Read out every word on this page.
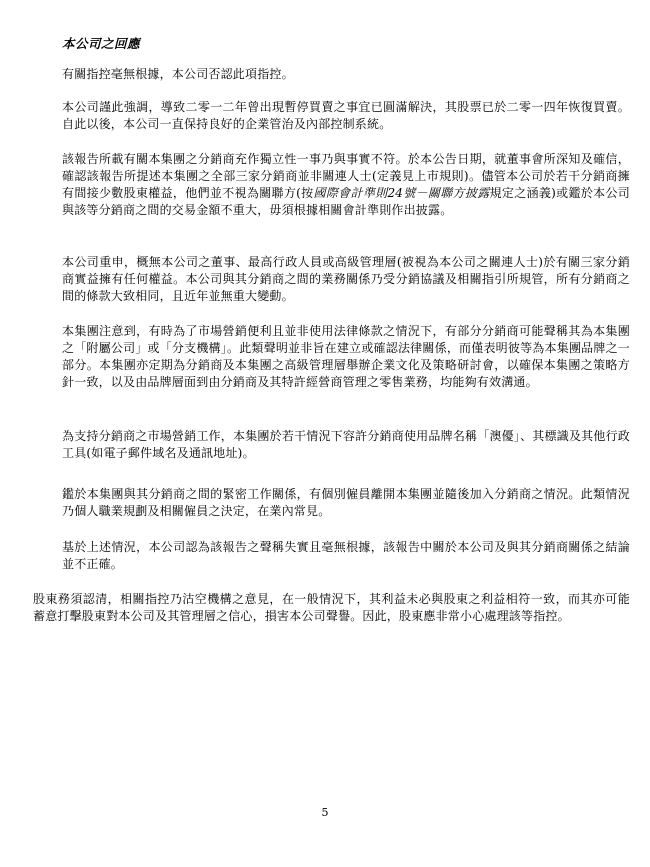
本公司之回應

有關指控毫無根據，本公司否認此項指控。

本公司謹此強調，導致二零一二年曾出現暫停買賣之事宜已圓滿解決，其股票已於二零一四年恢復買賣。自此以後，本公司一直保持良好的企業管治及內部控制系統。

該報告所載有關本集團之分銷商充作獨立性一事乃與事實不符。於本公告日期，就董事會所深知及確信，確認該報告所提述本集團之全部三家分銷商並非關連人士(定義見上市規則)。儘管本公司於若干分銷商擁有間接少數股東權益，他們並不視為關聯方(按國際會計準則24號－關聯方披露規定之涵義)或鑑於本公司與該等分銷商之間的交易金額不重大，毋須根據相關會計準則作出披露。

本公司重申，概無本公司之董事、最高行政人員或高級管理層(被視為本公司之關連人士)於有關三家分銷商實益擁有任何權益。本公司與其分銷商之間的業務關係乃受分銷協議及相關指引所規管，所有分銷商之間的條款大致相同，且近年並無重大變動。

本集團注意到，有時為了市場營銷便利且並非使用法律條款之情況下，有部分分銷商可能聲稱其為本集團之「附屬公司」或「分支機構」。此類聲明並非旨在建立或確認法律關係，而僅表明彼等為本集團品牌之一部分。本集團亦定期為分銷商及本集團之高級管理層舉辦企業文化及策略研討會，以確保本集團之策略方針一致，以及由品牌層面到由分銷商及其特許經營商管理之零售業務，均能夠有效溝通。

為支持分銷商之市場營銷工作，本集團於若干情況下容許分銷商使用品牌名稱「澳優」、其標識及其他行政工具(如電子郵件域名及通訊地址)。

鑑於本集團與其分銷商之間的緊密工作關係，有個別僱員離開本集團並隨後加入分銷商之情況。此類情況乃個人職業規劃及相關僱員之決定，在業內常見。

基於上述情況，本公司認為該報告之聲稱失實且毫無根據，該報告中關於本公司及與其分銷商關係之結論並不正確。

股東務須認清，相關指控乃沽空機構之意見，在一般情況下，其利益未必與股東之利益相符一致，而其亦可能蓄意打擊股東對本公司及其管理層之信心，損害本公司聲譽。因此，股東應非常小心處理該等指控。

5
